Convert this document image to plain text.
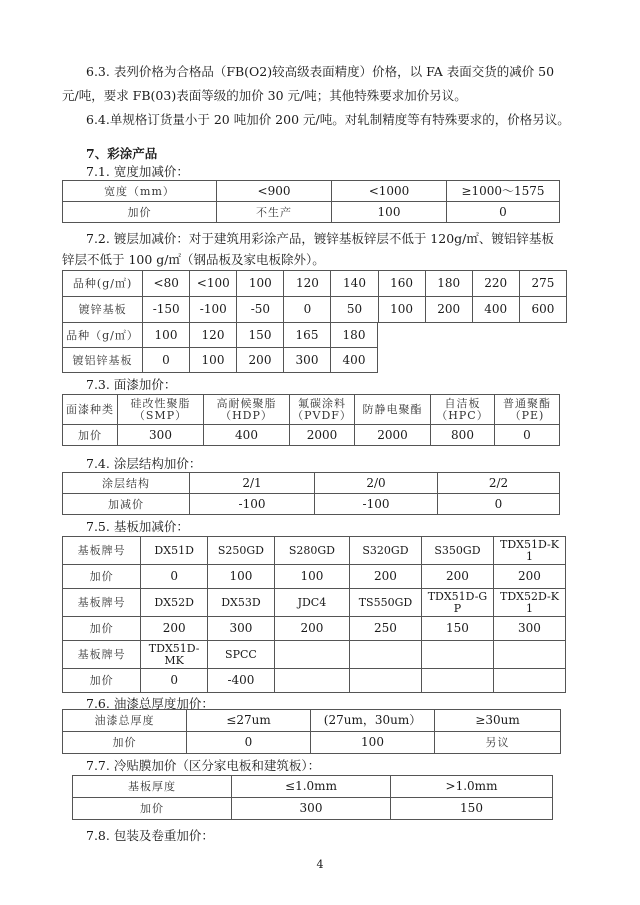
6.3. 表列价格为合格品（FB(O2)较高级表面精度）价格，以 FA 表面交货的减价 50
元/吨，要求 FB(03)表面等级的加价 30 元/吨；其他特殊要求加价另议。
6.4.单规格订货量小于 20 吨加价 200 元/吨。对轧制精度等有特殊要求的，价格另议。
7、彩涂产品
7.1. 宽度加减价：
宽度（mm）	<900	<1000	≥1000～1575
加价	不生产	100	0
7.2. 镀层加减价：对于建筑用彩涂产品，镀锌基板锌层不低于 120g/㎡、镀铝锌基板
锌层不低于 100 g/㎡（钢品板及家电板除外）。
品种(g/㎡)	<80	<100	100	120	140	160	180	220	275
镀锌基板	-150	-100	-50	0	50	100	200	400	600
品种（g/㎡）	100	120	150	165	180
镀铝锌基板	0	100	200	300	400
7.3. 面漆加价：
面漆种类	硅改性聚脂
（SMP）	高耐候聚脂
（HDP）	氟碳涂料
（PVDF）	防静电聚酯	自洁板
（HPC）	普通聚酯
（PE)
加价	300	400	2000	2000	800	0
7.4. 涂层结构加价：
涂层结构	2/1	2/0	2/2
加减价	-100	-100	0
7.5. 基板加减价：
基板牌号	DX51D	S250GD	S280GD	S320GD	S350GD	TDX51D-K
1
加价	0	100	100	200	200	200
基板牌号	DX52D	DX53D	JDC4	TS550GD	TDX51D-G
P	TDX52D-K
1
加价	200	300	200	250	150	300
基板牌号	TDX51D-
MK	SPCC				
加价	0	-400				
7.6. 油漆总厚度加价：
油漆总厚度	≤27um	(27um，30um）	≥30um
加价	0	100	另议
7.7. 冷贴膜加价（区分家电板和建筑板）：
基板厚度	≤1.0mm	>1.0mm
加价	300	150
7.8. 包装及卷重加价：
4
